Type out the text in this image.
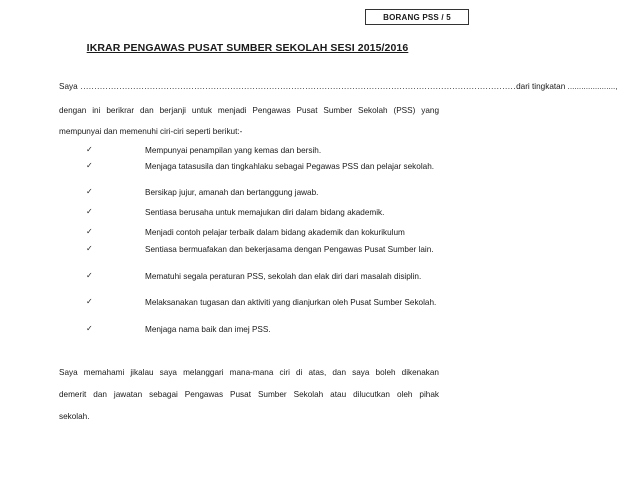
BORANG PSS / 5
IKRAR PENGAWAS PUSAT SUMBER SEKOLAH SESI 2015/2016
Saya ............................................................................................................................................................. dari tingkatan .....................,
dengan ini berikrar dan berjanji untuk menjadi Pengawas Pusat Sumber Sekolah (PSS) yang
mempunyai dan memenuhi ciri-ciri seperti berikut:-
✓	Mempunyai penampilan yang kemas dan bersih.
✓	Menjaga tatasusila dan tingkahlaku sebagai Pegawas PSS dan pelajar sekolah.
✓	Bersikap jujur, amanah dan bertanggung jawab.
✓	Sentiasa berusaha untuk memajukan diri dalam bidang akademik.
✓	Menjadi contoh pelajar terbaik dalam bidang akademik dan kokurikulum
✓	Sentiasa bermuafakan dan bekerjasama dengan Pengawas Pusat Sumber lain.
✓	Mematuhi segala peraturan PSS, sekolah dan elak diri dari masalah disiplin.
✓	Melaksanakan tugasan dan aktiviti yang dianjurkan oleh Pusat Sumber Sekolah.
✓	Menjaga nama baik dan imej PSS.
Saya memahami jikalau saya melanggari mana-mana ciri di atas, dan saya boleh dikenakan
demerit dan jawatan sebagai Pengawas Pusat Sumber Sekolah atau dilucutkan oleh pihak
sekolah.
